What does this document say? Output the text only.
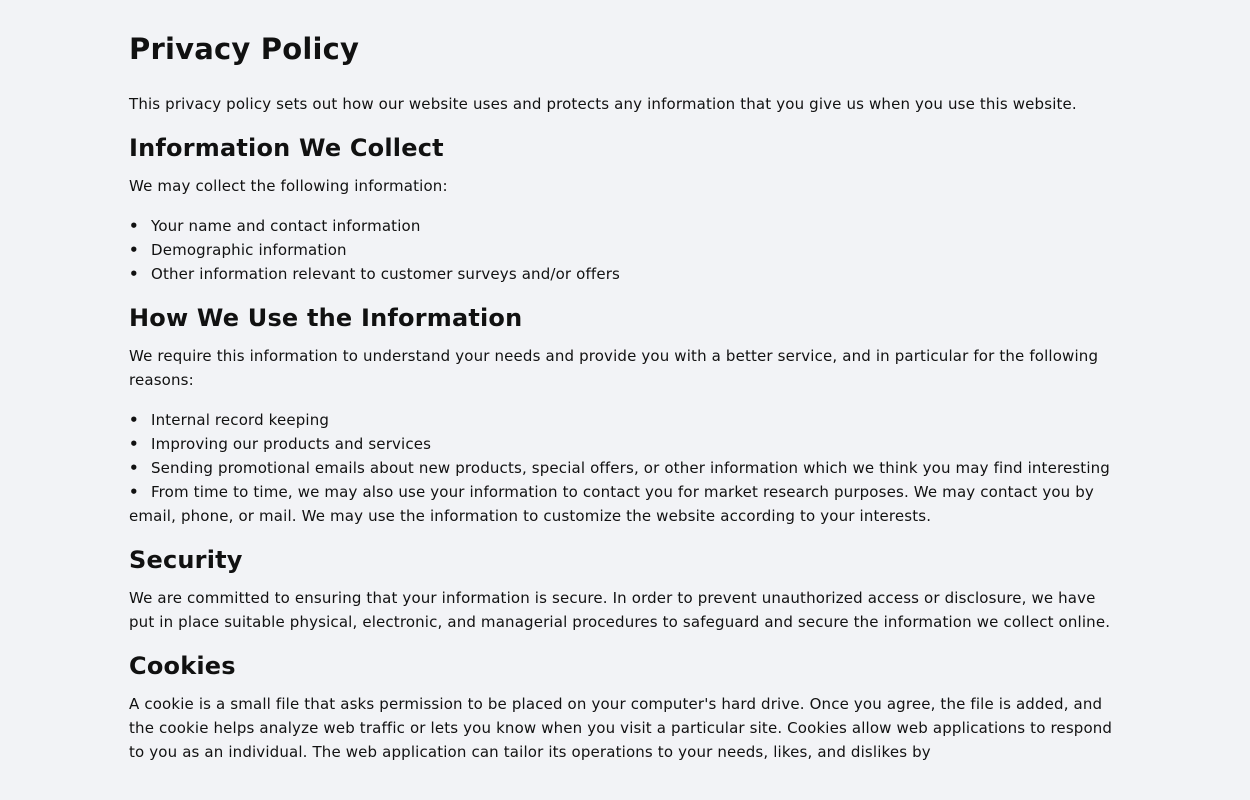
Privacy Policy

This privacy policy sets out how our website uses and protects any information that you give us when you use this website.

Information We Collect

We may collect the following information:

• Your name and contact information
• Demographic information
• Other information relevant to customer surveys and/or offers
How We Use the Information

We require this information to understand your needs and provide you with a better service, and in particular for the following reasons:

• Internal record keeping
• Improving our products and services
• Sending promotional emails about new products, special offers, or other information which we think you may find interesting
• From time to time, we may also use your information to contact you for market research purposes. We may contact you by email, phone, or mail. We may use the information to customize the website according to your interests.
Security

We are committed to ensuring that your information is secure. In order to prevent unauthorized access or disclosure, we have put in place suitable physical, electronic, and managerial procedures to safeguard and secure the information we collect online.

Cookies

A cookie is a small file that asks permission to be placed on your computer's hard drive. Once you agree, the file is added, and the cookie helps analyze web traffic or lets you know when you visit a particular site. Cookies allow web applications to respond to you as an individual. The web application can tailor its operations to your needs, likes, and dislikes by
